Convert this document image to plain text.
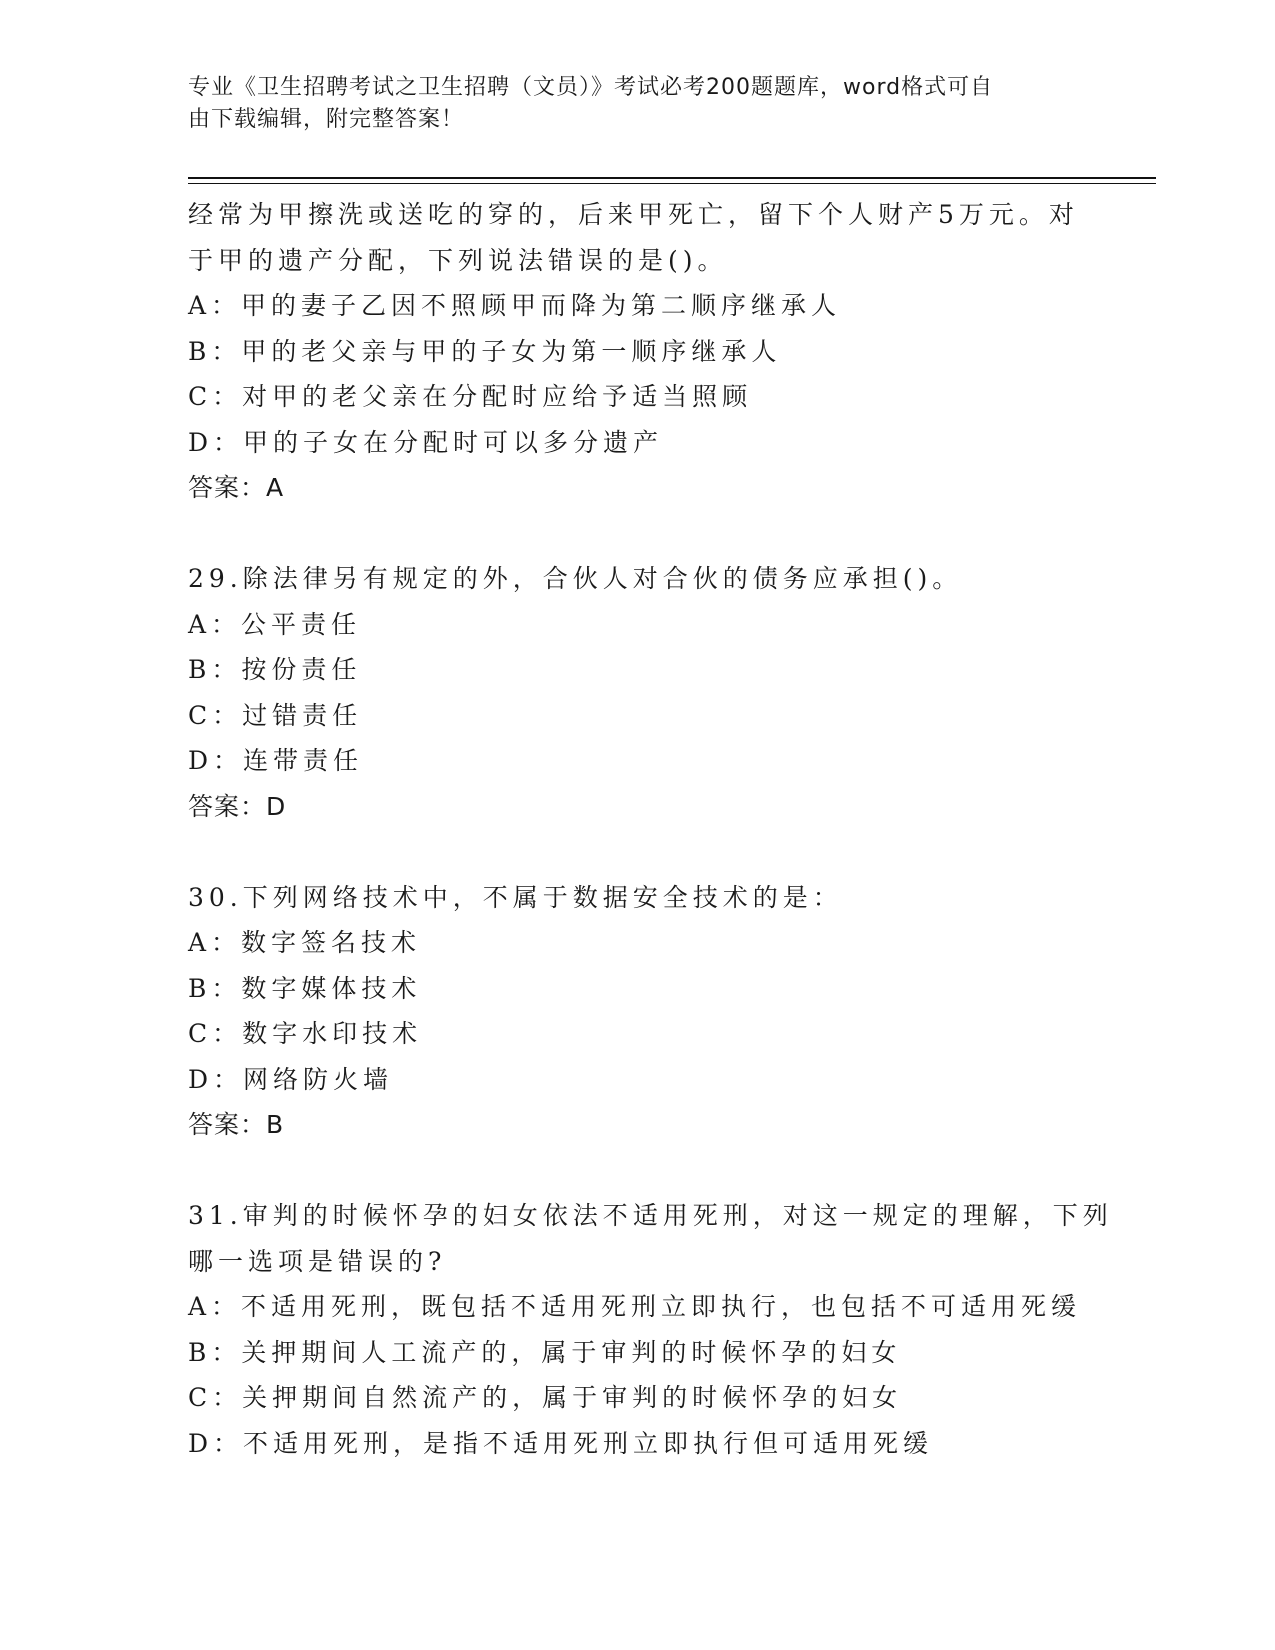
专业《卫生招聘考试之卫生招聘（文员）》考试必考200题题库，word格式可自
由下载编辑，附完整答案！
经常为甲擦洗或送吃的穿的，后来甲死亡，留下个人财产5万元。对
于甲的遗产分配，下列说法错误的是()。
A：甲的妻子乙因不照顾甲而降为第二顺序继承人
B：甲的老父亲与甲的子女为第一顺序继承人
C：对甲的老父亲在分配时应给予适当照顾
D：甲的子女在分配时可以多分遗产
答案：A
29.除法律另有规定的外，合伙人对合伙的债务应承担()。
A：公平责任
B：按份责任
C：过错责任
D：连带责任
答案：D
30.下列网络技术中，不属于数据安全技术的是：
A：数字签名技术
B：数字媒体技术
C：数字水印技术
D：网络防火墙
答案：B
31.审判的时候怀孕的妇女依法不适用死刑，对这一规定的理解，下列
哪一选项是错误的?
A：不适用死刑，既包括不适用死刑立即执行，也包括不可适用死缓
B：关押期间人工流产的，属于审判的时候怀孕的妇女
C：关押期间自然流产的，属于审判的时候怀孕的妇女
D：不适用死刑，是指不适用死刑立即执行但可适用死缓
